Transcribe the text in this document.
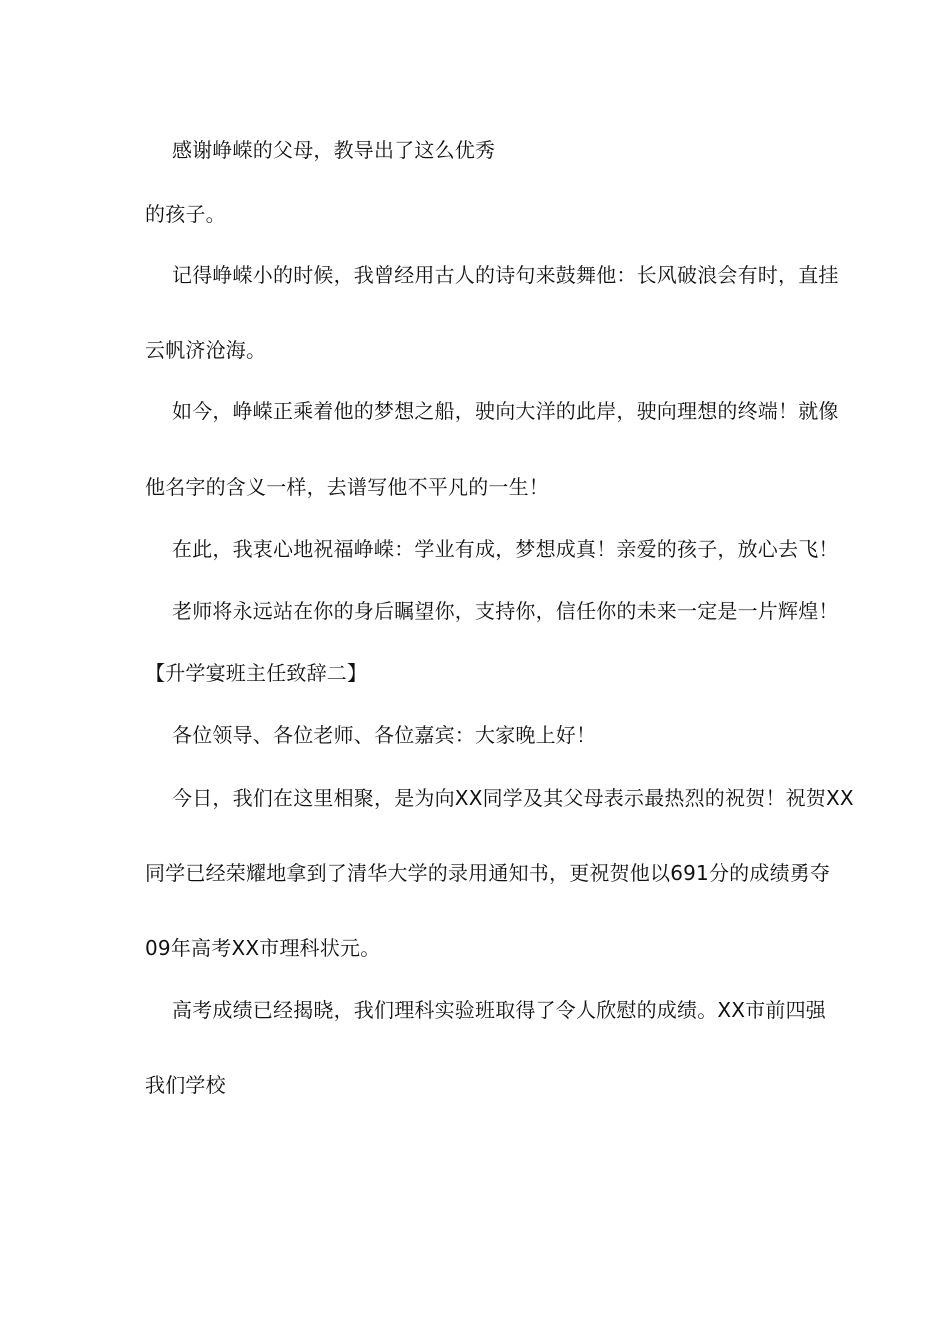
感谢峥嵘的父母，教导出了这么优秀
的孩子。
记得峥嵘小的时候，我曾经用古人的诗句来鼓舞他：长风破浪会有时，直挂
云帆济沧海。
如今，峥嵘正乘着他的梦想之船，驶向大洋的此岸，驶向理想的终端！就像
他名字的含义一样，去谱写他不平凡的一生！
在此，我衷心地祝福峥嵘：学业有成，梦想成真！亲爱的孩子，放心去飞！
老师将永远站在你的身后瞩望你，支持你，信任你的未来一定是一片辉煌！
【升学宴班主任致辞二】
各位领导、各位老师、各位嘉宾：大家晚上好！
今日，我们在这里相聚，是为向XX同学及其父母表示最热烈的祝贺！祝贺XX
同学已经荣耀地拿到了清华大学的录用通知书，更祝贺他以691分的成绩勇夺
09年高考XX市理科状元。
高考成绩已经揭晓，我们理科实验班取得了令人欣慰的成绩。XX市前四强
我们学校
